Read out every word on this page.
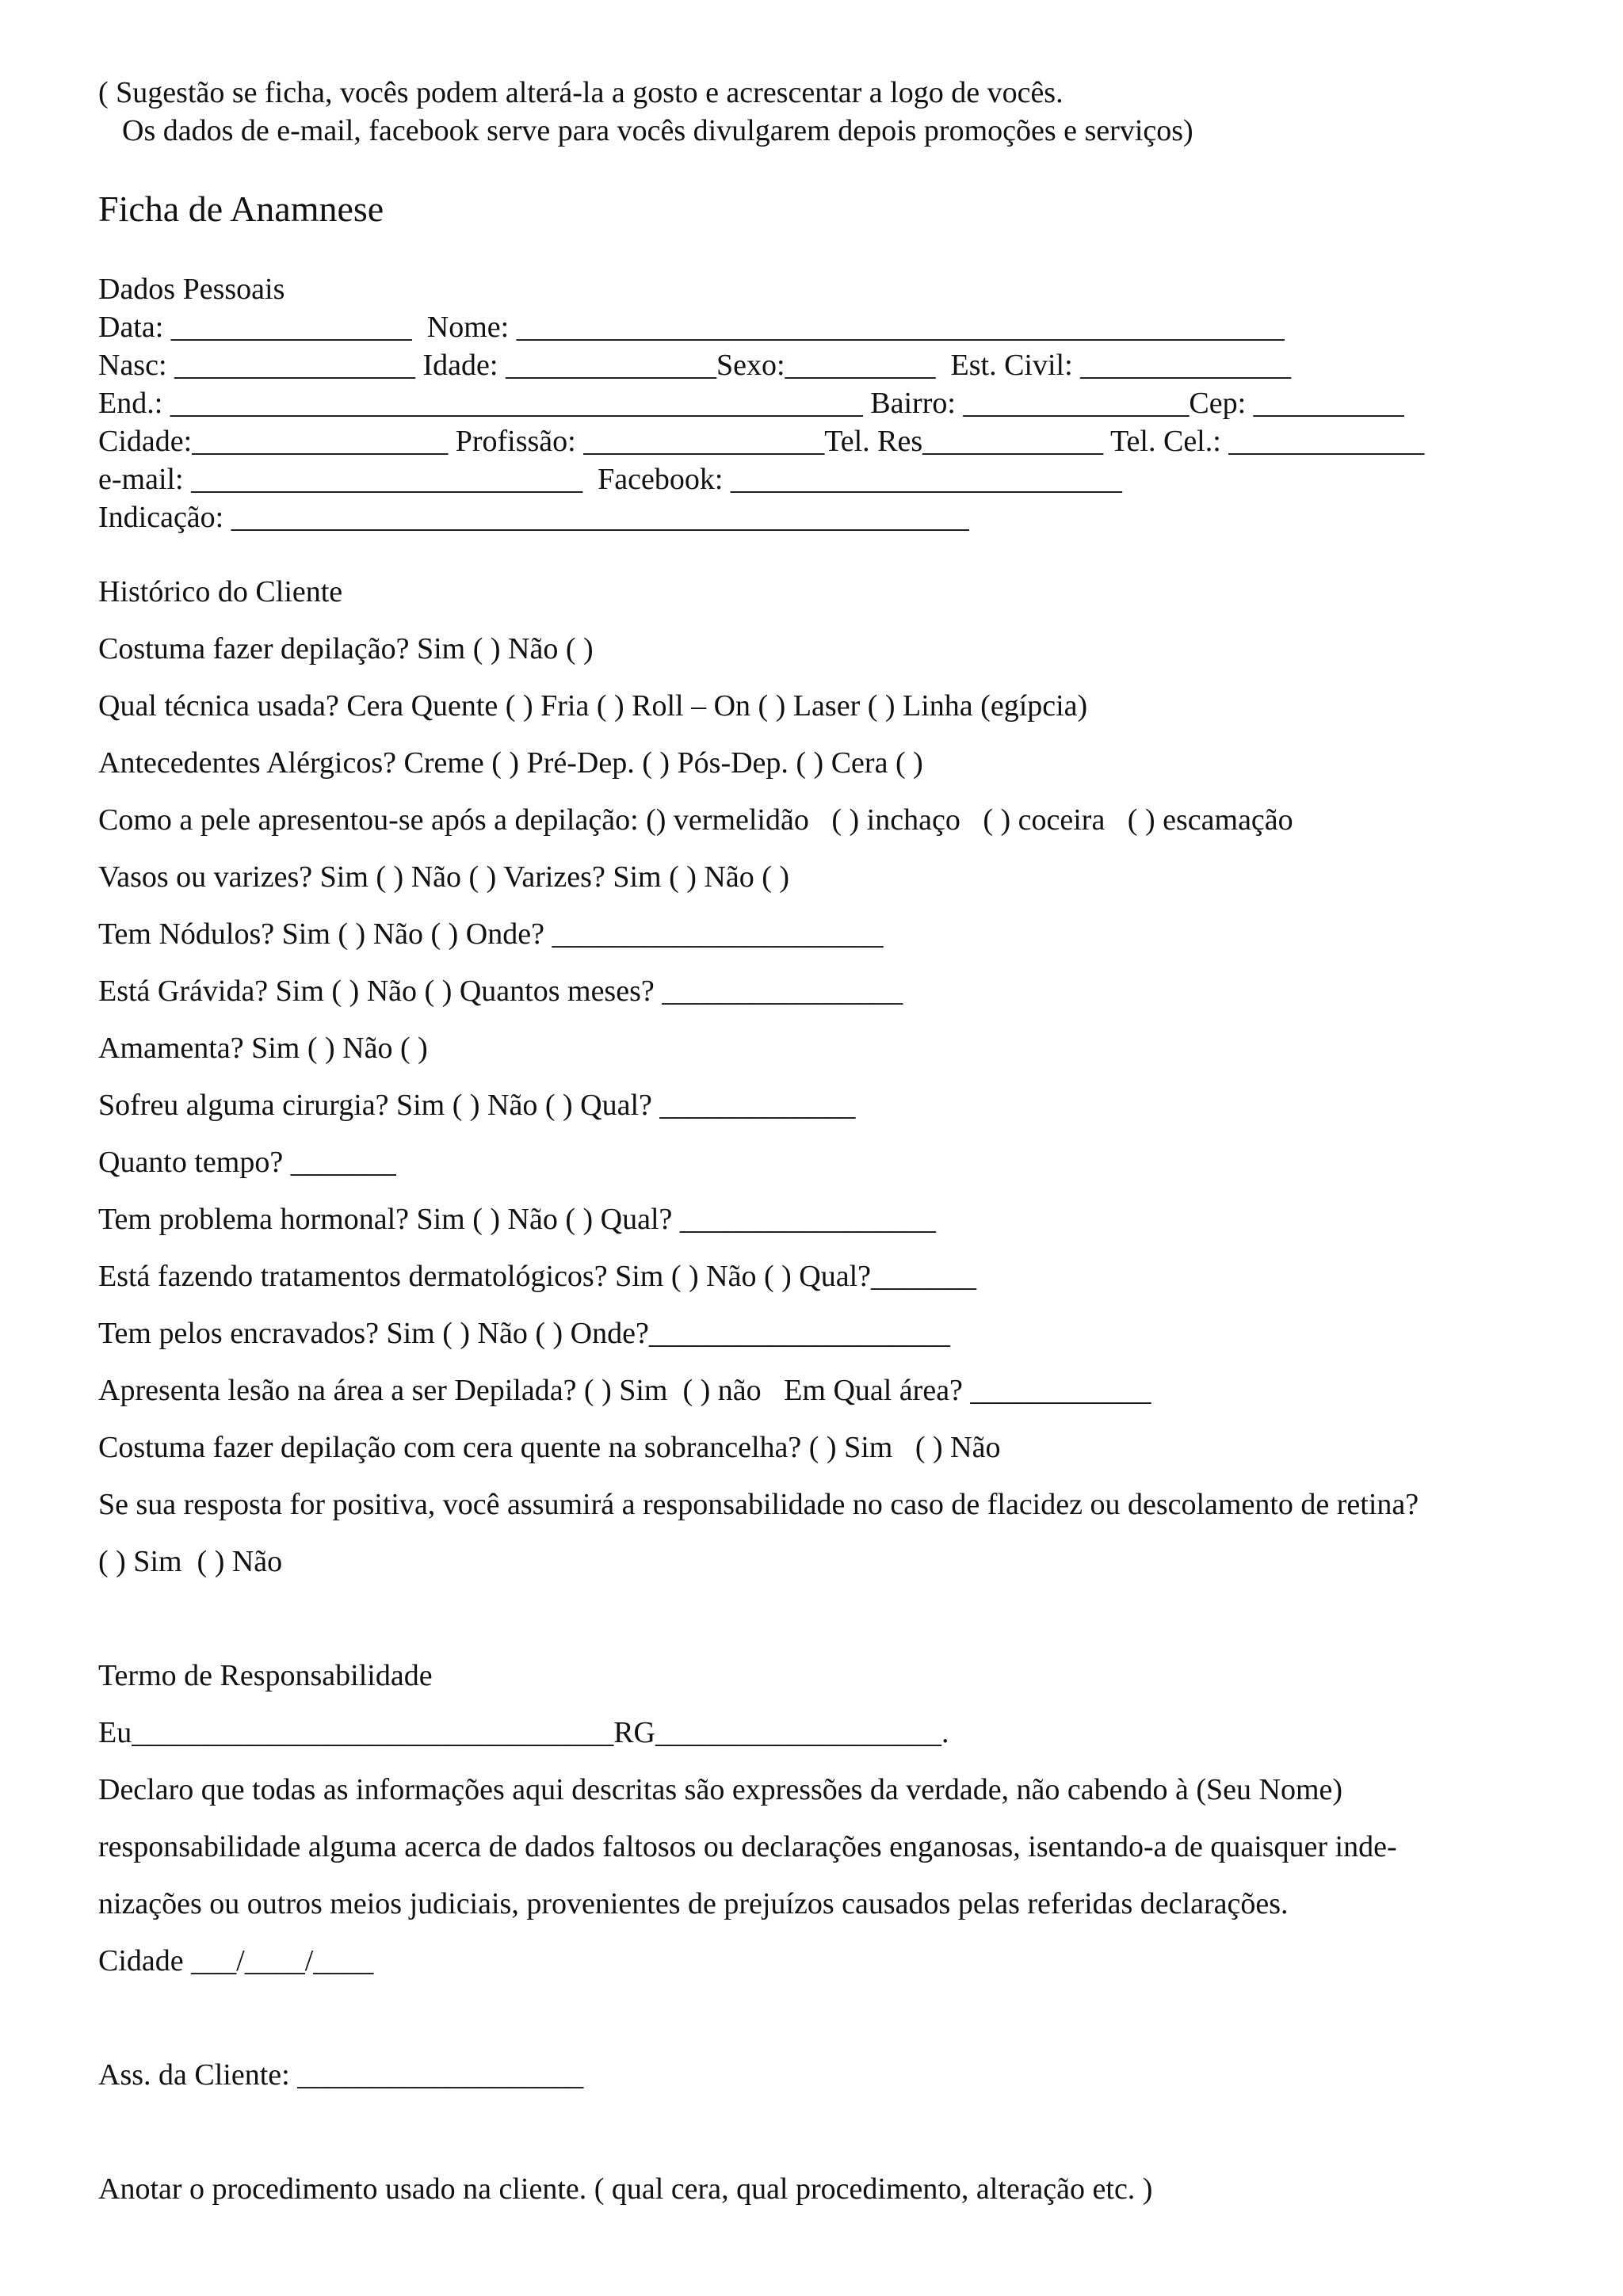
( Sugestão se ficha, vocês podem alterá-la a gosto e acrescentar a logo de vocês.
Os dados de e-mail, facebook serve para vocês divulgarem depois promoções e serviços)
Ficha de Anamnese
Dados Pessoais
Data: ________________  Nome: ___________________________________________________
Nasc: ________________ Idade: ______________Sexo:__________  Est. Civil: ______________
End.: ______________________________________________ Bairro: _______________Cep: __________
Cidade:_________________ Profissão: ________________Tel. Res____________ Tel. Cel.: _____________
e-mail: __________________________  Facebook: __________________________
Indicação: _________________________________________________
Histórico do Cliente
Costuma fazer depilação? Sim ( ) Não ( )
Qual técnica usada? Cera Quente ( ) Fria ( ) Roll – On ( ) Laser ( ) Linha (egípcia)
Antecedentes Alérgicos? Creme ( ) Pré-Dep. ( ) Pós-Dep. ( ) Cera ( )
Como a pele apresentou-se após a depilação: () vermelidão   ( ) inchaço   ( ) coceira   ( ) escamação
Vasos ou varizes? Sim ( ) Não ( ) Varizes? Sim ( ) Não ( )
Tem Nódulos? Sim ( ) Não ( ) Onde? ______________________
Está Grávida? Sim ( ) Não ( ) Quantos meses? ________________
Amamenta? Sim ( ) Não ( )
Sofreu alguma cirurgia? Sim ( ) Não ( ) Qual? _____________
Quanto tempo? _______
Tem problema hormonal? Sim ( ) Não ( ) Qual? _________________
Está fazendo tratamentos dermatológicos? Sim ( ) Não ( ) Qual?_______
Tem pelos encravados? Sim ( ) Não ( ) Onde?____________________
Apresenta lesão na área a ser Depilada? ( ) Sim  ( ) não   Em Qual área? ____________
Costuma fazer depilação com cera quente na sobrancelha? ( ) Sim   ( ) Não
Se sua resposta for positiva, você assumirá a responsabilidade no caso de flacidez ou descolamento de retina?
( ) Sim  ( ) Não
Termo de Responsabilidade
Eu________________________________RG___________________.
Declaro que todas as informações aqui descritas são expressões da verdade, não cabendo à (Seu Nome)
responsabilidade alguma acerca de dados faltosos ou declarações enganosas, isentando-a de quaisquer inde-
nizações ou outros meios judiciais, provenientes de prejuízos causados pelas referidas declarações.
Cidade ___/____/____
Ass. da Cliente: ___________________
Anotar o procedimento usado na cliente. ( qual cera, qual procedimento, alteração etc. )
